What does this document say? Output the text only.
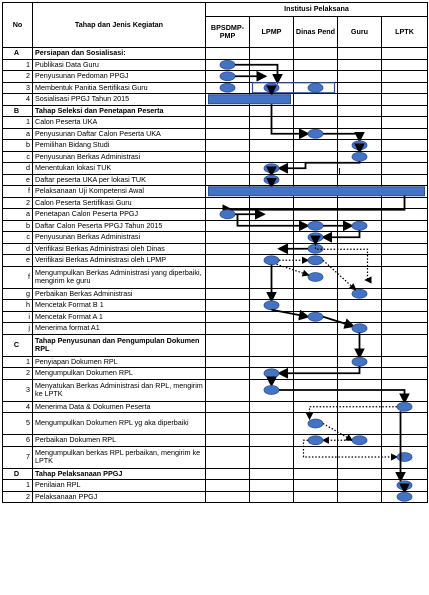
No	Tahap dan Jenis Kegiatan	Institusi Pelaksana				
		BPSDMP-PMP	LPMP	Dinas Pend	Guru	LPTK
A	Persiapan dan Sosialisasi:					
1	Publikasi Data Guru					
2	Penyusunan Pedoman PPGJ					
3	Membentuk Panitia Sertifikasi Guru					
4	Sosialisasi PPGJ Tahun 2015					
B	Tahap Seleksi dan Penetapan Peserta					
1	Calon Peserta UKA					
a	Penyusunan Daftar Calon Peserta UKA					
b	Pemilihan Bidang Studi					
c	Penyusunan Berkas Administrasi					
d	Menentukan lokasi TUK					
e	Daftar peserta UKA per lokasi TUK					
f	Pelaksanaan Uji Kompetensi Awal					
2	Calon Peserta Sertifikasi Guru					
a	Penetapan Calon Peserta PPGJ					
b	Daftar Calon Peserta PPGJ Tahun 2015					
c	Penyusunan Berkas Administrasi					
d	Verifikasi Berkas Administrasi oleh Dinas					
e	Verifikasi Berkas Administrasi oleh LPMP					
f	Mengumpulkan Berkas Administrasi yang diperbaiki, mengirim ke guru					
g	Perbaikan Berkas Administrasi					
h	Mencetak Format B 1					
i	Mencetak Format A 1					
j	Menerima format A1					
C	Tahap Penyusunan dan Pengumpulan Dokumen RPL					
1	Penyiapan Dokumen RPL					
2	Mengumpulkan Dokumen RPL					
3	Menyatukan Berkas Administrasi dan RPL, mengirim ke LPTK					
4	Menerima Data & Dokumen Peserta					
5	Mengumpulkan Dokumen RPL yg aka diperbaiki					
6	Perbaikan Dokumen RPL					
7	Mengumpulkan berkas RPL perbaikan, mengirim ke LPTK					
D	Tahap Pelaksanaan PPGJ					
1	Penilaian RPL					
2	Pelaksanaan PPGJ					
I
